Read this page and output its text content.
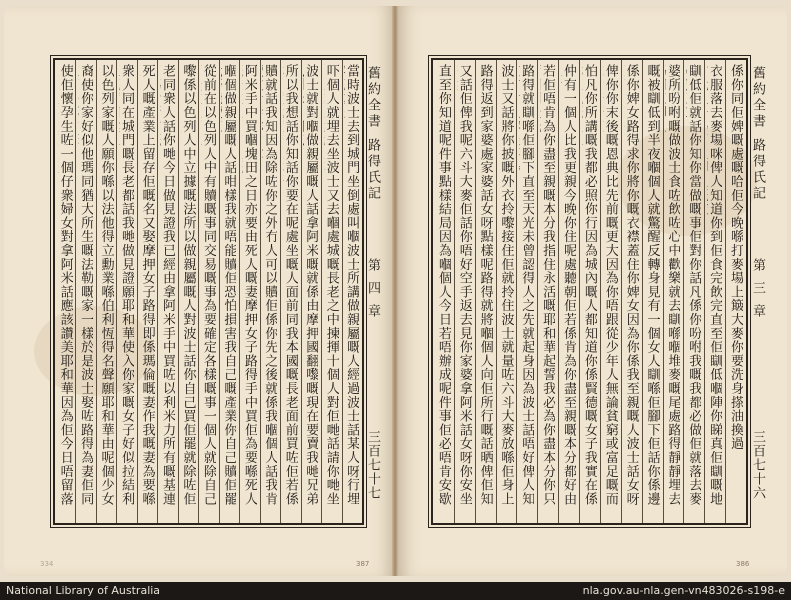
當時波士去到城門坐倒處叫嗰波士所講做親屬嘅人經過波士話某人呀行埋
吓個人就埋去坐波士又去嗰處城嘅長老之中揀揮十個人對佢哋話請你哋坐
波士就對嗰做親屬嘅人話拿阿米嘅就係由摩押國翻嚟嘅現在要賣我哋兄弟
所以我想話你知話你要在呢處坐嘅人面前同我本國嘅長老面前買咗佢若係
贖就話我知因為除咗你之外冇人可以贖佢係你先之後就係我嗰個人話我肯
阿米手中買嗰塊田之日亦要由死人嘅妻摩押女子路得手中買佢為要喺死人
嗰個做親屬嘅人話咁樣我就唔能贖佢恐怕損害我自己嘅產業你自己贖佢罷
從前在以色列人中有贖嘅事同交易嘅事為要確定各樣嘅事一個人就除自己
嚟係以色列人中立據嘅法所以做親屬嘅人對波士話你自己買佢罷就除咗佢
老同衆人話你哋今日做見證我已經由拿阿米手中買咗以利米力所有嘅基連
死人嘅產業上留存佢嘅名又娶摩押女子路得即係瑪倫嘅妻作我嘅妻為要喺
衆人同在城門嘅長老都話我哋做見證願耶和華使入你家嘅女子好似拉結利
以色列家嘅人願你喺以法他得立勳業喺伯利恆得名聲願耶和華由呢個少女
裔使你家好似他瑪同猶大所生嘅法勒嘅家一樣於是波士娶咗路得為妻佢同
使佢懷孕生咗一個仔衆婦女對拿阿米話應該讚美耶和華因為佢今日唔留落
舊約全書
路得氏記
第四章
三百七十七
387
334
係你同佢婢嘅處嘅哈佢今晚喺打麥場上簸大麥你要洗身搽油換過
衣服落去麥場咪俾人知道你到佢食完飲完直至佢瞓低嗰陣你睇真佢瞓嘅地
瞓低佢就話你知你當做嘅事佢對你話凡係你吩咐我嘅我都必做佢就落去麥
婆所吩咐嘅做波士食咗飲咗心中歡樂就去瞓喺嗰堆麥嘅尾處路得靜靜埋去
嘅被瞓低到半夜嗰個人就驚醒反轉身見有一個女人瞓喺佢腳下佢話你係邊
係你婢女路得求你將你嘅衣襟蓋住你婢女因為你係我至親嘅人波士話女呀
俾你你末後嘅恩典比先前嘅更大因為你唔跟從少年人無論貧窮或富足嘅而
怕凡你所講嘅我都必照你行因為城內嘅人都知道你係賢德嘅女子我實在係
仲有一個人比我更親今晚你住呢處聽朝佢若係肯為你盡至親嘅本分都好由
若佢唔肯為你盡至親嘅本分我指住永活嘅耶和華起誓我必為你盡本分你只
路得就瞓喺佢腳下直至天光未曾認得人之先就起身因為波士話唔好俾人知
波士又話將你披嘅外衣拎嚟接住佢就拎住波士就量咗六斗大麥放喺佢身上
路得返到家婆處家婆話女呀點樣呢路得就將嗰個人向佢所行嘅話晒俾佢知
又話佢俾我呢六斗大麥佢話你唔好空手返去見你家婆拿阿米話女呀你安坐
直至你知道呢件事點樣結局因為嗰個人今日若唔辦成呢件事佢必唔肯安歇	舊約全書
路得氏記
第三章
三百七十六
386
National Library of Australia	nla.gov.au-nla.gen-vn483026-s198-e
